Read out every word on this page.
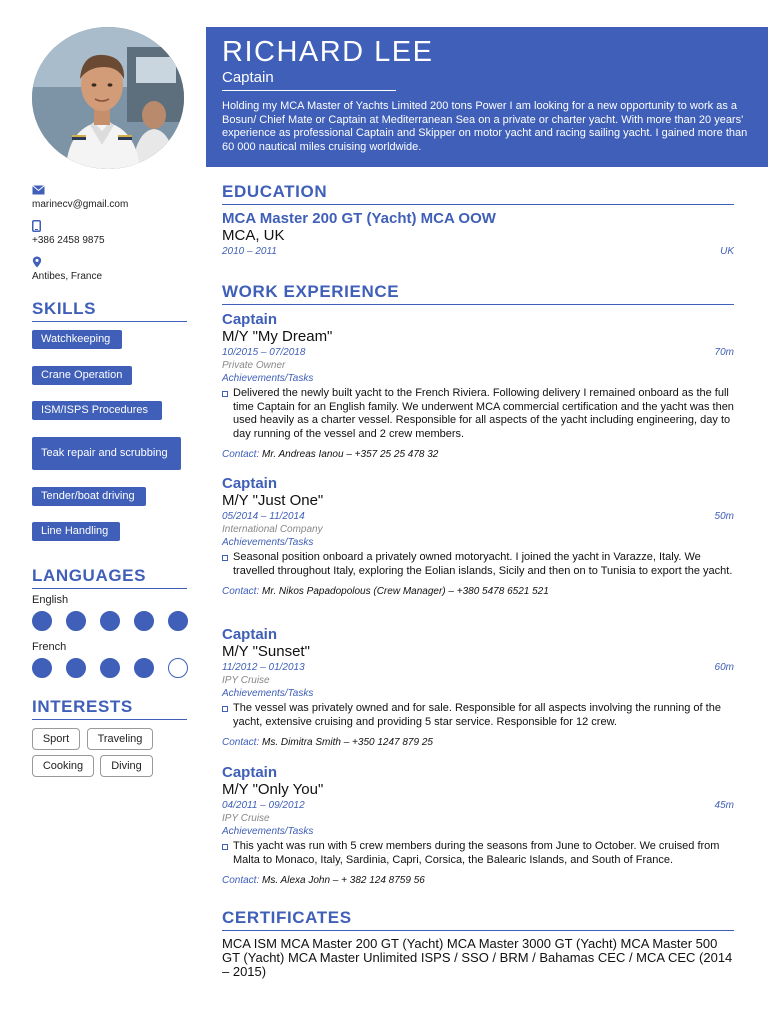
marinecv@gmail.com
+386 2458 9875
Antibes, France
SKILLS
Watchkeeping
Crane Operation
ISM/ISPS Procedures
Teak repair and scrubbing
Tender/boat driving
Line Handling
LANGUAGES
English
French
INTERESTS
Sport	Traveling
Cooking	Diving
RICHARD LEE
Captain
Holding my MCA Master of Yachts Limited 200 tons Power I am looking for a new opportunity to work as a Bosun/ Chief Mate or Captain at Mediterranean Sea on a private or charter yacht. With more than 20 years' experience as professional Captain and Skipper on motor yacht and racing sailing yacht. I gained more than 60 000 nautical miles cruising worldwide.
EDUCATION
MCA Master 200 GT (Yacht) MCA OOW
MCA, UK
2010 – 2011	UK
WORK EXPERIENCE
Captain
M/Y "My Dream"
10/2015 – 07/2018	70m
Private Owner
Achievements/Tasks
Delivered the newly built yacht to the French Riviera. Following delivery I remained onboard as the full time Captain for an English family. We underwent MCA commercial certification and the yacht was then used heavily as a charter vessel. Responsible for all aspects of the yacht including engineering, day to day running of the vessel and 2 crew members.
Contact: Mr. Andreas Ianou – +357 25 25 478 32
Captain
M/Y "Just One"
05/2014 – 11/2014	50m
International Company
Achievements/Tasks
Seasonal position onboard a privately owned motoryacht. I joined the yacht in Varazze, Italy. We travelled throughout Italy, exploring the Eolian islands, Sicily and then on to Tunisia to export the yacht.
Contact: Mr. Nikos Papadopolous (Crew Manager) – +380 5478 6521 521
Captain
M/Y "Sunset"
11/2012 – 01/2013	60m
IPY Cruise
Achievements/Tasks
The vessel was privately owned and for sale. Responsible for all aspects involving the running of the yacht, extensive cruising and providing 5 star service. Responsible for 12 crew.
Contact: Ms. Dimitra Smith – +350 1247 879 25
Captain
M/Y "Only You"
04/2011 – 09/2012	45m
IPY Cruise
Achievements/Tasks
This yacht was run with 5 crew members during the seasons from June to October. We cruised from Malta to Monaco, Italy, Sardinia, Capri, Corsica, the Balearic Islands, and South of France.
Contact: Ms. Alexa John – + 382 124 8759 56
CERTIFICATES
MCA ISM MCA Master 200 GT (Yacht) MCA Master 3000 GT (Yacht) MCA Master 500 GT (Yacht) MCA Master Unlimited ISPS / SSO / BRM / Bahamas CEC / MCA CEC (2014 – 2015)
